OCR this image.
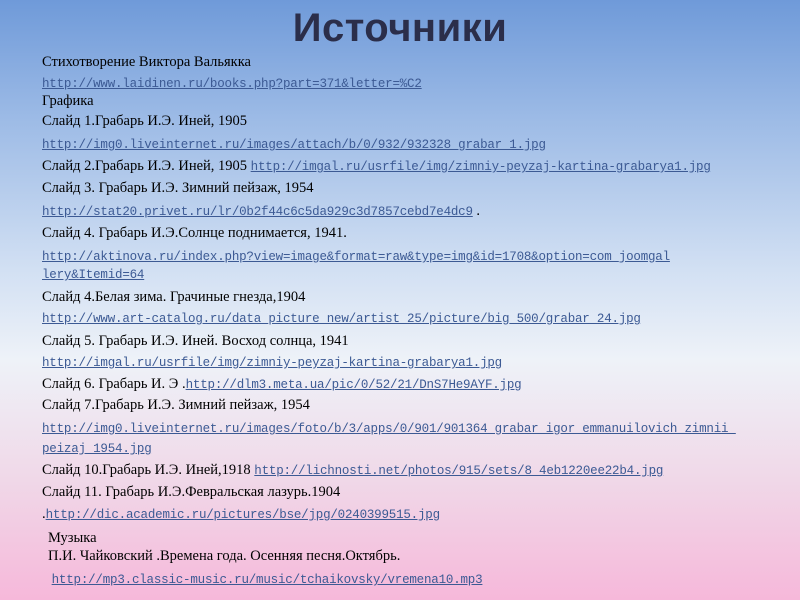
Источники
Стихотворение Виктора Вальякка
http://www.laidinen.ru/books.php?part=371&letter=%C2
Графика
Слайд 1.Грабарь И.Э. Иней, 1905
http://img0.liveinternet.ru/images/attach/b/0/932/932328_grabar_1.jpg
Слайд 2.Грабарь И.Э. Иней, 1905 http://imgal.ru/usrfile/img/zimniy-peyzaj-kartina-grabarya1.jpg
Слайд 3. Грабарь И.Э. Зимний пейзаж, 1954
http://stat20.privet.ru/lr/0b2f44c6c5da929c3d7857cebd7e4dc9 .
Слайд 4. Грабарь И.Э.Солнце поднимается, 1941.
http://aktinova.ru/index.php?view=image&format=raw&type=img&id=1708&option=com_joomgal
lery&Itemid=64
Слайд 4.Белая зима. Грачиные гнезда,1904
http://www.art-catalog.ru/data_picture_new/artist_25/picture/big_500/grabar_24.jpg
Слайд 5. Грабарь И.Э. Иней. Восход солнца, 1941
http://imgal.ru/usrfile/img/zimniy-peyzaj-kartina-grabarya1.jpg
Слайд 6. Грабарь И. Э .http://dlm3.meta.ua/pic/0/52/21/DnS7He9AYF.jpg
Слайд 7.Грабарь И.Э. Зимний пейзаж, 1954
http://img0.liveinternet.ru/images/foto/b/3/apps/0/901/901364_grabar_igor_emmanuilovich_zimnii_
peizaj_1954.jpg
Слайд 10.Грабарь И.Э. Иней,1918 http://lichnosti.net/photos/915/sets/8_4eb1220ee22b4.jpg
Слайд 11. Грабарь И.Э.Февральская лазурь.1904
.http://dic.academic.ru/pictures/bse/jpg/0240399515.jpg
Музыка
П.И. Чайковский .Времена года. Осенняя песня.Октябрь.
http://mp3.classic-music.ru/music/tchaikovsky/vremena10.mp3
